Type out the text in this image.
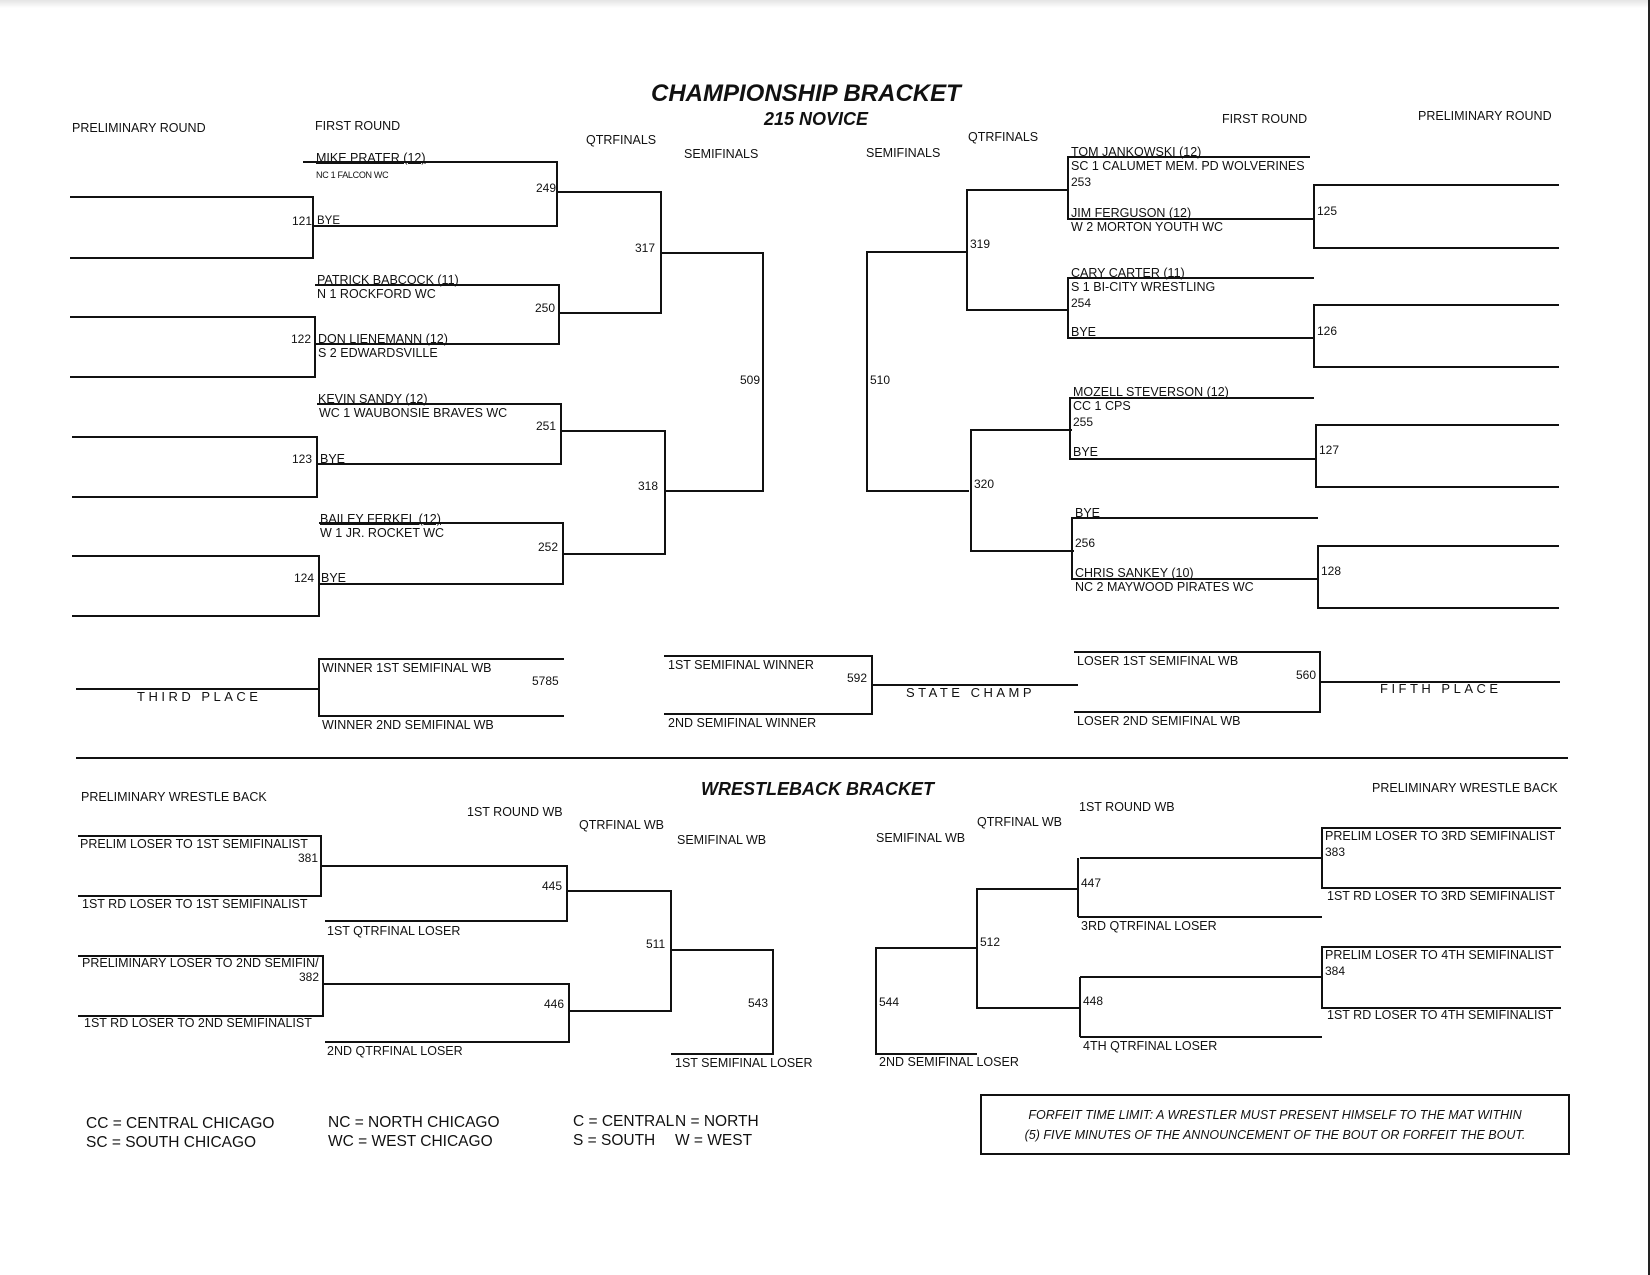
CHAMPIONSHIP BRACKET
215 NOVICE
PRELIMINARY ROUND	FIRST ROUND
QTRFINALS
SEMIFINALS	SEMIFINALS
QTRFINALS
FIRST ROUND	PRELIMINARY ROUND
MIKE PRATER (12)
NC 1 FALCON WC
BYE
PATRICK BABCOCK (11)
N 1 ROCKFORD WC
DON LIENEMANN (12)
S 2 EDWARDSVILLE
KEVIN SANDY (12)
WC 1 WAUBONSIE BRAVES WC
BYE
BAILEY FERKEL (12)
W 1 JR. ROCKET WC
BYE
121
122
123
124
249
250
251
252
317
318
509
TOM JANKOWSKI (12)
SC 1 CALUMET MEM. PD WOLVERINES
JIM FERGUSON (12)
W 2 MORTON YOUTH WC
CARY CARTER (11)
S 1 BI-CITY WRESTLING
BYE
MOZELL STEVERSON (12)
CC 1 CPS
BYE
BYE
CHRIS SANKEY (10)
NC 2 MAYWOOD PIRATES WC
125
126
127
128
253
254
255
256
319
320
510
WINNER 1ST SEMIFINAL WB
WINNER 2ND SEMIFINAL WB
5785
THIRD PLACE
1ST SEMIFINAL WINNER
2ND SEMIFINAL WINNER
592
STATE CHAMP
LOSER 1ST SEMIFINAL WB
LOSER 2ND SEMIFINAL WB
560
FIFTH PLACE
WRESTLEBACK BRACKET
PRELIMINARY WRESTLE BACK
1ST ROUND WB
QTRFINAL WB
SEMIFINAL WB	SEMIFINAL WB
QTRFINAL WB
1ST ROUND WB
PRELIMINARY WRESTLE BACK
PRELIM LOSER TO 1ST SEMIFINALIST
381
1ST RD LOSER TO 1ST SEMIFINALIST
PRELIMINARY LOSER TO 2ND SEMIFIN/
382
1ST RD LOSER TO 2ND SEMIFINALIST
445
1ST QTRFINAL LOSER
446
2ND QTRFINAL LOSER
511
543
1ST SEMIFINAL LOSER
PRELIM LOSER TO 3RD SEMIFINALIST
383
1ST RD LOSER TO 3RD SEMIFINALIST
PRELIM LOSER TO 4TH SEMIFINALIST
384
1ST RD LOSER TO 4TH SEMIFINALIST
447
3RD QTRFINAL LOSER
448
4TH QTRFINAL LOSER
512
544
2ND SEMIFINAL LOSER
CC = CENTRAL CHICAGO
SC = SOUTH CHICAGO
NC = NORTH CHICAGO
WC = WEST CHICAGO
C = CENTRAL N = NORTH
S = SOUTH W = WEST
FORFEIT TIME LIMIT: A WRESTLER MUST PRESENT HIMSELF TO THE MAT WITHIN
(5) FIVE MINUTES OF THE ANNOUNCEMENT OF THE BOUT OR FORFEIT THE BOUT.
